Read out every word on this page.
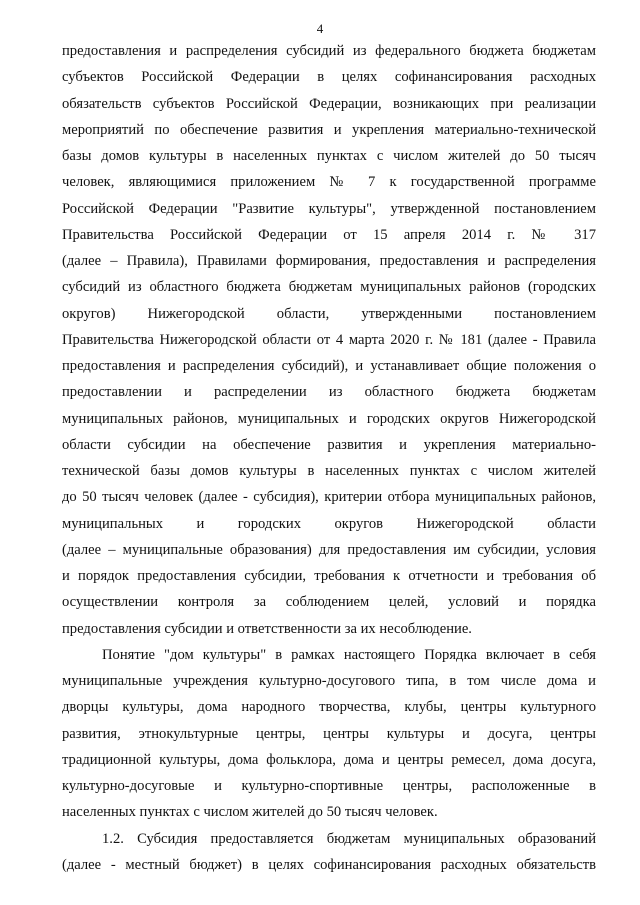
4
предоставления и распределения субсидий из федерального бюджета бюджетам
субъектов Российской Федерации в целях софинансирования расходных
обязательств субъектов Российской Федерации, возникающих при реализации
мероприятий по обеспечение развития и укрепления материально-технической
базы домов культуры в населенных пунктах с числом жителей до 50 тысяч
человек, являющимися приложением № 7 к государственной программе
Российской Федерации "Развитие культуры", утвержденной постановлением
Правительства Российской Федерации от 15 апреля 2014 г. № 317
(далее – Правила), Правилами формирования, предоставления и распределения
субсидий из областного бюджета бюджетам муниципальных районов (городских
округов) Нижегородской области, утвержденными постановлением
Правительства Нижегородской области от 4 марта 2020 г. № 181 (далее - Правила
предоставления и распределения субсидий), и устанавливает общие положения о
предоставлении и распределении из областного бюджета бюджетам
муниципальных районов, муниципальных и городских округов Нижегородской
области субсидии на обеспечение развития и укрепления материально-
технической базы домов культуры в населенных пунктах с числом жителей
до 50 тысяч человек (далее - субсидия), критерии отбора муниципальных районов,
муниципальных и городских округов Нижегородской области
(далее – муниципальные образования) для предоставления им субсидии, условия
и порядок предоставления субсидии, требования к отчетности и требования об
осуществлении контроля за соблюдением целей, условий и порядка
предоставления субсидии и ответственности за их несоблюдение.
Понятие "дом культуры" в рамках настоящего Порядка включает в себя
муниципальные учреждения культурно-досугового типа, в том числе дома и
дворцы культуры, дома народного творчества, клубы, центры культурного
развития, этнокультурные центры, центры культуры и досуга, центры
традиционной культуры, дома фольклора, дома и центры ремесел, дома досуга,
культурно-досуговые и культурно-спортивные центры, расположенные в
населенных пунктах с числом жителей до 50 тысяч человек.
1.2. Субсидия предоставляется бюджетам муниципальных образований
(далее - местный бюджет) в целях софинансирования расходных обязательств
